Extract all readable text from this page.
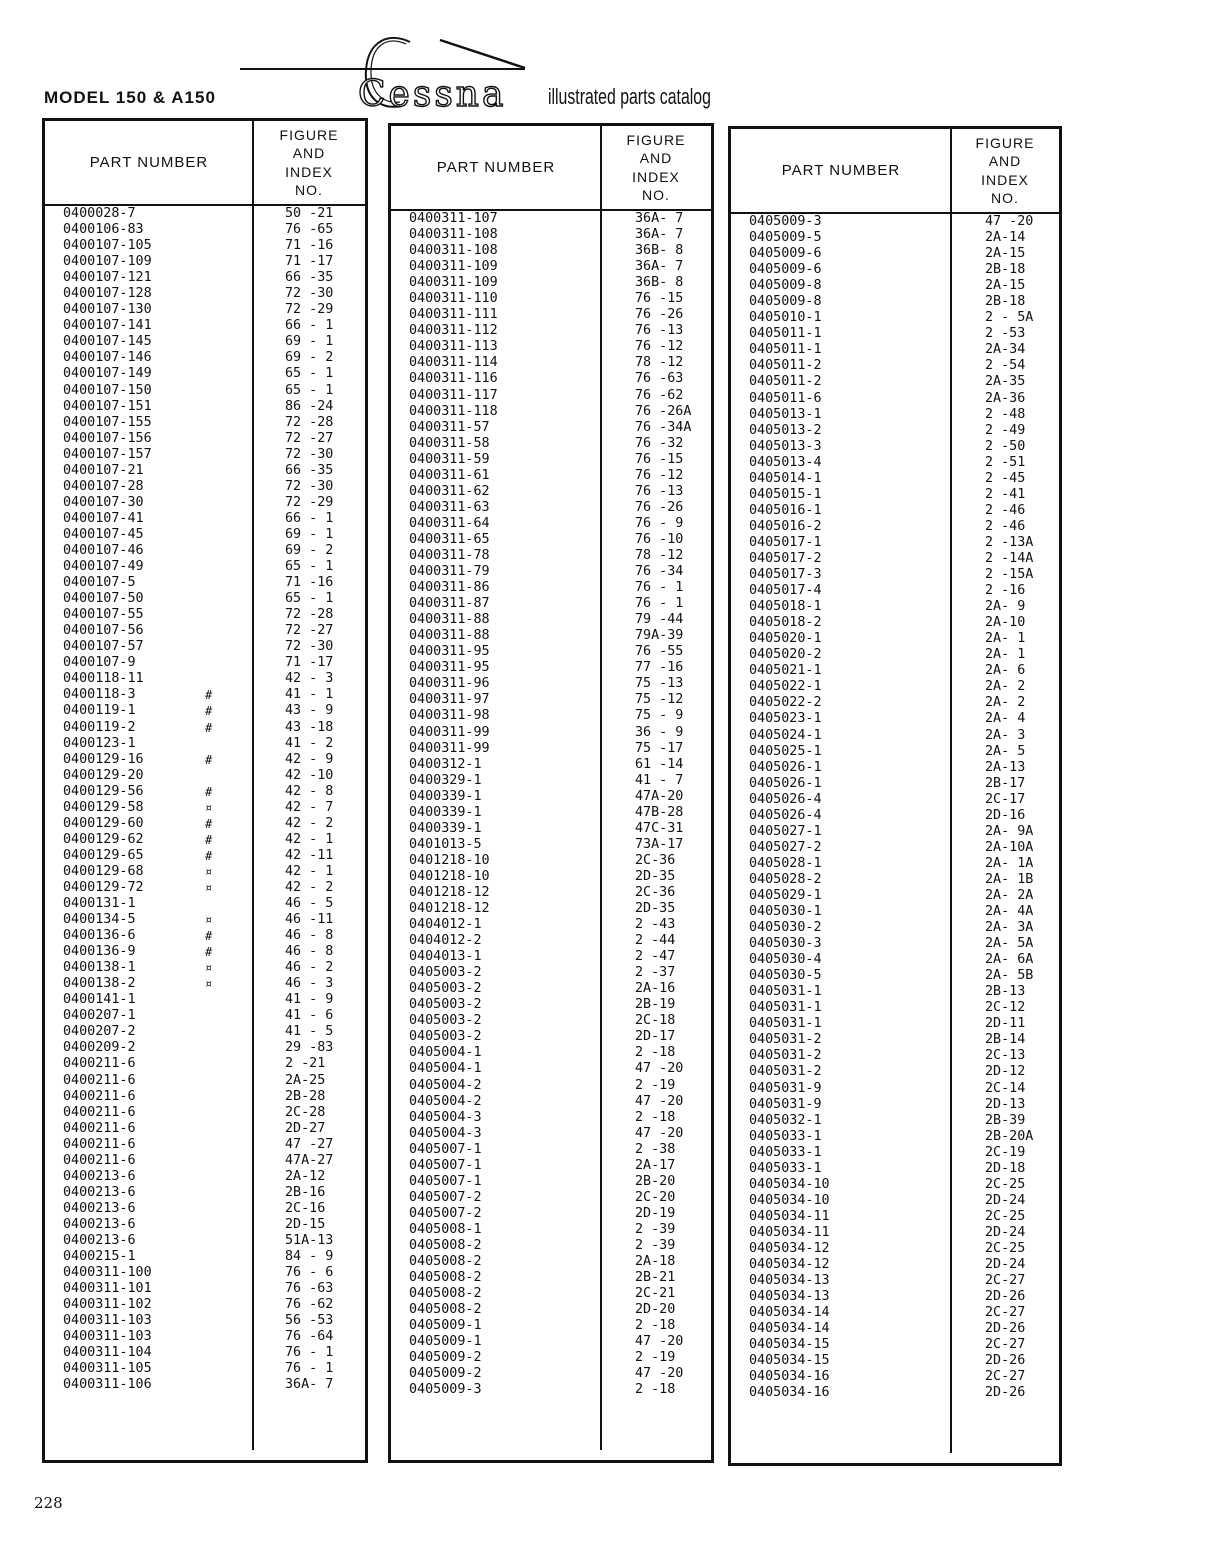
MODEL 150 & A150	Cessna illustrated parts catalog
PART NUMBER
FIGURE
AND
INDEX
NO.
0400028-7	50 -21
0400106-83	76 -65
0400107-105	71 -16
0400107-109	71 -17
0400107-121	66 -35
0400107-128	72 -30
0400107-130	72 -29
0400107-141	66 - 1
0400107-145	69 - 1
0400107-146	69 - 2
0400107-149	65 - 1
0400107-150	65 - 1
0400107-151	86 -24
0400107-155	72 -28
0400107-156	72 -27
0400107-157	72 -30
0400107-21	66 -35
0400107-28	72 -30
0400107-30	72 -29
0400107-41	66 - 1
0400107-45	69 - 1
0400107-46	69 - 2
0400107-49	65 - 1
0400107-5	71 -16
0400107-50	65 - 1
0400107-55	72 -28
0400107-56	72 -27
0400107-57	72 -30
0400107-9	71 -17
0400118-11	42 - 3
0400118-3	#	41 - 1
0400119-1	#	43 - 9
0400119-2	#	43 -18
0400123-1	41 - 2
0400129-16	#	42 - 9
0400129-20	42 -10
0400129-56	#	42 - 8
0400129-58	¤	42 - 7
0400129-60	#	42 - 2
0400129-62	#	42 - 1
0400129-65	#	42 -11
0400129-68	¤	42 - 1
0400129-72	¤	42 - 2
0400131-1	46 - 5
0400134-5	¤	46 -11
0400136-6	#	46 - 8
0400136-9	#	46 - 8
0400138-1	¤	46 - 2
0400138-2	¤	46 - 3
0400141-1	41 - 9
0400207-1	41 - 6
0400207-2	41 - 5
0400209-2	29 -83
0400211-6	2 -21
0400211-6	2A-25
0400211-6	2B-28
0400211-6	2C-28
0400211-6	2D-27
0400211-6	47 -27
0400211-6	47A-27
0400213-6	2A-12
0400213-6	2B-16
0400213-6	2C-16
0400213-6	2D-15
0400213-6	51A-13
0400215-1	84 - 9
0400311-100	76 - 6
0400311-101	76 -63
0400311-102	76 -62
0400311-103	56 -53
0400311-103	76 -64
0400311-104	76 - 1
0400311-105	76 - 1
0400311-106	36A- 7
PART NUMBER
FIGURE
AND
INDEX
NO.
0400311-107	36A- 7
0400311-108	36A- 7
0400311-108	36B- 8
0400311-109	36A- 7
0400311-109	36B- 8
0400311-110	76 -15
0400311-111	76 -26
0400311-112	76 -13
0400311-113	76 -12
0400311-114	78 -12
0400311-116	76 -63
0400311-117	76 -62
0400311-118	76 -26A
0400311-57	76 -34A
0400311-58	76 -32
0400311-59	76 -15
0400311-61	76 -12
0400311-62	76 -13
0400311-63	76 -26
0400311-64	76 - 9
0400311-65	76 -10
0400311-78	78 -12
0400311-79	76 -34
0400311-86	76 - 1
0400311-87	76 - 1
0400311-88	79 -44
0400311-88	79A-39
0400311-95	76 -55
0400311-95	77 -16
0400311-96	75 -13
0400311-97	75 -12
0400311-98	75 - 9
0400311-99	36 - 9
0400311-99	75 -17
0400312-1	61 -14
0400329-1	41 - 7
0400339-1	47A-20
0400339-1	47B-28
0400339-1	47C-31
0401013-5	73A-17
0401218-10	2C-36
0401218-10	2D-35
0401218-12	2C-36
0401218-12	2D-35
0404012-1	2 -43
0404012-2	2 -44
0404013-1	2 -47
0405003-2	2 -37
0405003-2	2A-16
0405003-2	2B-19
0405003-2	2C-18
0405003-2	2D-17
0405004-1	2 -18
0405004-1	47 -20
0405004-2	2 -19
0405004-2	47 -20
0405004-3	2 -18
0405004-3	47 -20
0405007-1	2 -38
0405007-1	2A-17
0405007-1	2B-20
0405007-2	2C-20
0405007-2	2D-19
0405008-1	2 -39
0405008-2	2 -39
0405008-2	2A-18
0405008-2	2B-21
0405008-2	2C-21
0405008-2	2D-20
0405009-1	2 -18
0405009-1	47 -20
0405009-2	2 -19
0405009-2	47 -20
0405009-3	2 -18
PART NUMBER
FIGURE
AND
INDEX
NO.
0405009-3	47 -20
0405009-5	2A-14
0405009-6	2A-15
0405009-6	2B-18
0405009-8	2A-15
0405009-8	2B-18
0405010-1	2 - 5A
0405011-1	2 -53
0405011-1	2A-34
0405011-2	2 -54
0405011-2	2A-35
0405011-6	2A-36
0405013-1	2 -48
0405013-2	2 -49
0405013-3	2 -50
0405013-4	2 -51
0405014-1	2 -45
0405015-1	2 -41
0405016-1	2 -46
0405016-2	2 -46
0405017-1	2 -13A
0405017-2	2 -14A
0405017-3	2 -15A
0405017-4	2 -16
0405018-1	2A- 9
0405018-2	2A-10
0405020-1	2A- 1
0405020-2	2A- 1
0405021-1	2A- 6
0405022-1	2A- 2
0405022-2	2A- 2
0405023-1	2A- 4
0405024-1	2A- 3
0405025-1	2A- 5
0405026-1	2A-13
0405026-1	2B-17
0405026-4	2C-17
0405026-4	2D-16
0405027-1	2A- 9A
0405027-2	2A-10A
0405028-1	2A- 1A
0405028-2	2A- 1B
0405029-1	2A- 2A
0405030-1	2A- 4A
0405030-2	2A- 3A
0405030-3	2A- 5A
0405030-4	2A- 6A
0405030-5	2A- 5B
0405031-1	2B-13
0405031-1	2C-12
0405031-1	2D-11
0405031-2	2B-14
0405031-2	2C-13
0405031-2	2D-12
0405031-9	2C-14
0405031-9	2D-13
0405032-1	2B-39
0405033-1	2B-20A
0405033-1	2C-19
0405033-1	2D-18
0405034-10	2C-25
0405034-10	2D-24
0405034-11	2C-25
0405034-11	2D-24
0405034-12	2C-25
0405034-12	2D-24
0405034-13	2C-27
0405034-13	2D-26
0405034-14	2C-27
0405034-14	2D-26
0405034-15	2C-27
0405034-15	2D-26
0405034-16	2C-27
0405034-16	2D-26
228
